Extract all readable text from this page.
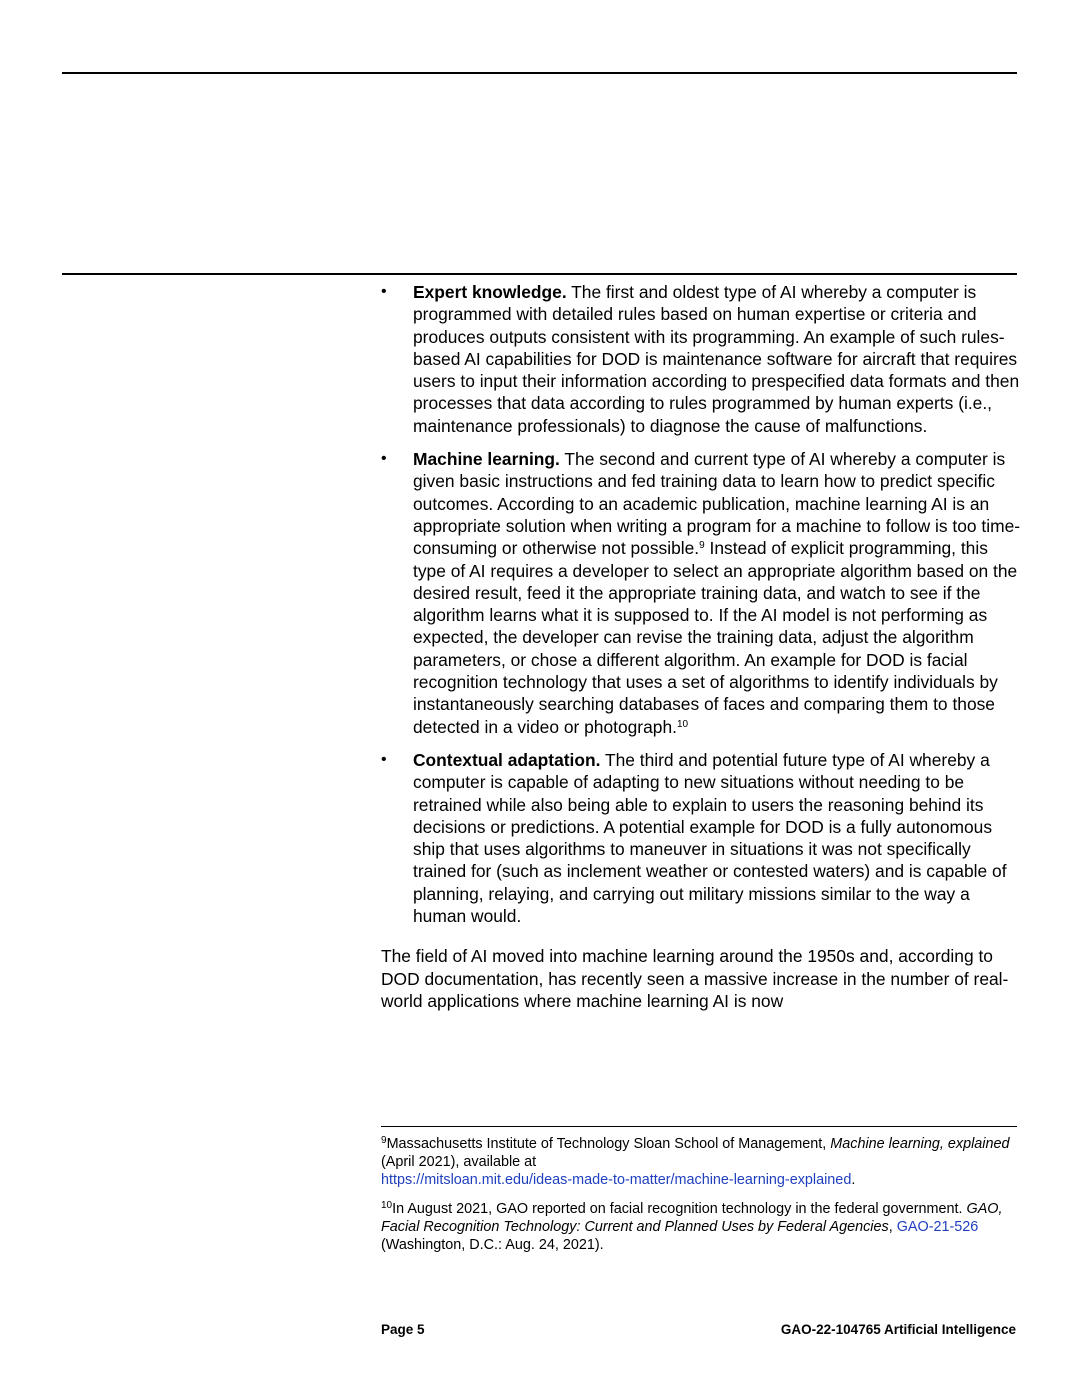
• Expert knowledge. The first and oldest type of AI whereby a computer is programmed with detailed rules based on human expertise or criteria and produces outputs consistent with its programming. An example of such rules-based AI capabilities for DOD is maintenance software for aircraft that requires users to input their information according to prespecified data formats and then processes that data according to rules programmed by human experts (i.e., maintenance professionals) to diagnose the cause of malfunctions.
• Machine learning. The second and current type of AI whereby a computer is given basic instructions and fed training data to learn how to predict specific outcomes. According to an academic publication, machine learning AI is an appropriate solution when writing a program for a machine to follow is too time-consuming or otherwise not possible.$^9$ Instead of explicit programming, this type of AI requires a developer to select an appropriate algorithm based on the desired result, feed it the appropriate training data, and watch to see if the algorithm learns what it is supposed to. If the AI model is not performing as expected, the developer can revise the training data, adjust the algorithm parameters, or chose a different algorithm. An example for DOD is facial recognition technology that uses a set of algorithms to identify individuals by instantaneously searching databases of faces and comparing them to those detected in a video or photograph.$^{10}$
• Contextual adaptation. The third and potential future type of AI whereby a computer is capable of adapting to new situations without needing to be retrained while also being able to explain to users the reasoning behind its decisions or predictions. A potential example for DOD is a fully autonomous ship that uses algorithms to maneuver in situations it was not specifically trained for (such as inclement weather or contested waters) and is capable of planning, relaying, and carrying out military missions similar to the way a human would.

The field of AI moved into machine learning around the 1950s and, according to DOD documentation, has recently seen a massive increase in the number of real-world applications where machine learning AI is now

$^9$Massachusetts Institute of Technology Sloan School of Management, Machine learning, explained (April 2021), available at
https://mitsloan.mit.edu/ideas-made-to-matter/machine-learning-explained.
$^{10}$In August 2021, GAO reported on facial recognition technology in the federal government. GAO, Facial Recognition Technology: Current and Planned Uses by Federal Agencies, GAO-21-526 (Washington, D.C.: Aug. 24, 2021).
Page 5	GAO-22-104765 Artificial Intelligence
